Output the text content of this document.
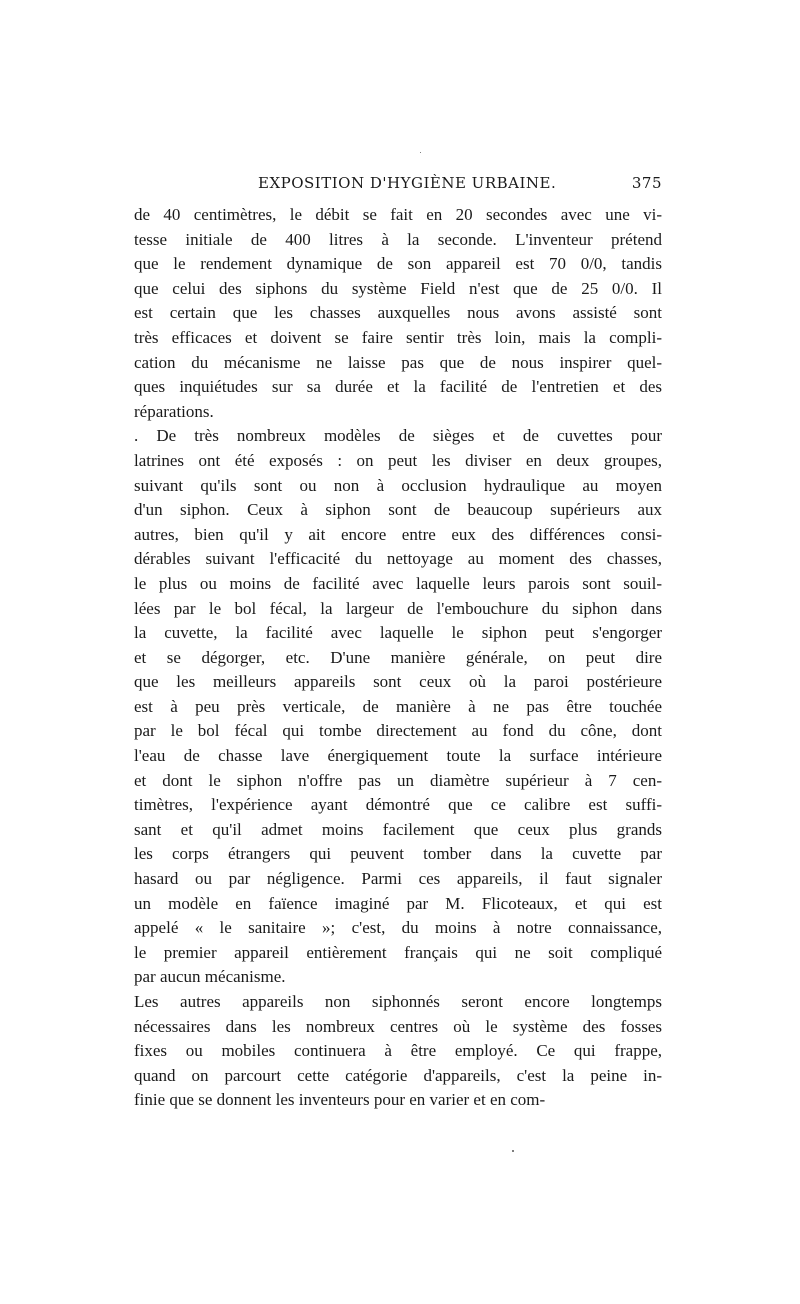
EXPOSITION D'HYGIÈNE URBAINE.	375
de 40 centimètres, le débit se fait en 20 secondes avec une vi-
tesse initiale de 400 litres à la seconde. L'inventeur prétend
que le rendement dynamique de son appareil est 70 0/0, tandis
que celui des siphons du système Field n'est que de 25 0/0. Il
est certain que les chasses auxquelles nous avons assisté sont
très efficaces et doivent se faire sentir très loin, mais la compli-
cation du mécanisme ne laisse pas que de nous inspirer quel-
ques inquiétudes sur sa durée et la facilité de l'entretien et des
réparations.
. De très nombreux modèles de sièges et de cuvettes pour
latrines ont été exposés : on peut les diviser en deux groupes,
suivant qu'ils sont ou non à occlusion hydraulique au moyen
d'un siphon. Ceux à siphon sont de beaucoup supérieurs aux
autres, bien qu'il y ait encore entre eux des différences consi-
dérables suivant l'efficacité du nettoyage au moment des chasses,
le plus ou moins de facilité avec laquelle leurs parois sont souil-
lées par le bol fécal, la largeur de l'embouchure du siphon dans
la cuvette, la facilité avec laquelle le siphon peut s'engorger
et se dégorger, etc. D'une manière générale, on peut dire
que les meilleurs appareils sont ceux où la paroi postérieure
est à peu près verticale, de manière à ne pas être touchée
par le bol fécal qui tombe directement au fond du cône, dont
l'eau de chasse lave énergiquement toute la surface intérieure
et dont le siphon n'offre pas un diamètre supérieur à 7 cen-
timètres, l'expérience ayant démontré que ce calibre est suffi-
sant et qu'il admet moins facilement que ceux plus grands
les corps étrangers qui peuvent tomber dans la cuvette par
hasard ou par négligence. Parmi ces appareils, il faut signaler
un modèle en faïence imaginé par M. Flicoteaux, et qui est
appelé « le sanitaire »; c'est, du moins à notre connaissance,
le premier appareil entièrement français qui ne soit compliqué
par aucun mécanisme.
Les autres appareils non siphonnés seront encore longtemps
nécessaires dans les nombreux centres où le système des fosses
fixes ou mobiles continuera à être employé. Ce qui frappe,
quand on parcourt cette catégorie d'appareils, c'est la peine in-
finie que se donnent les inventeurs pour en varier et en com-
